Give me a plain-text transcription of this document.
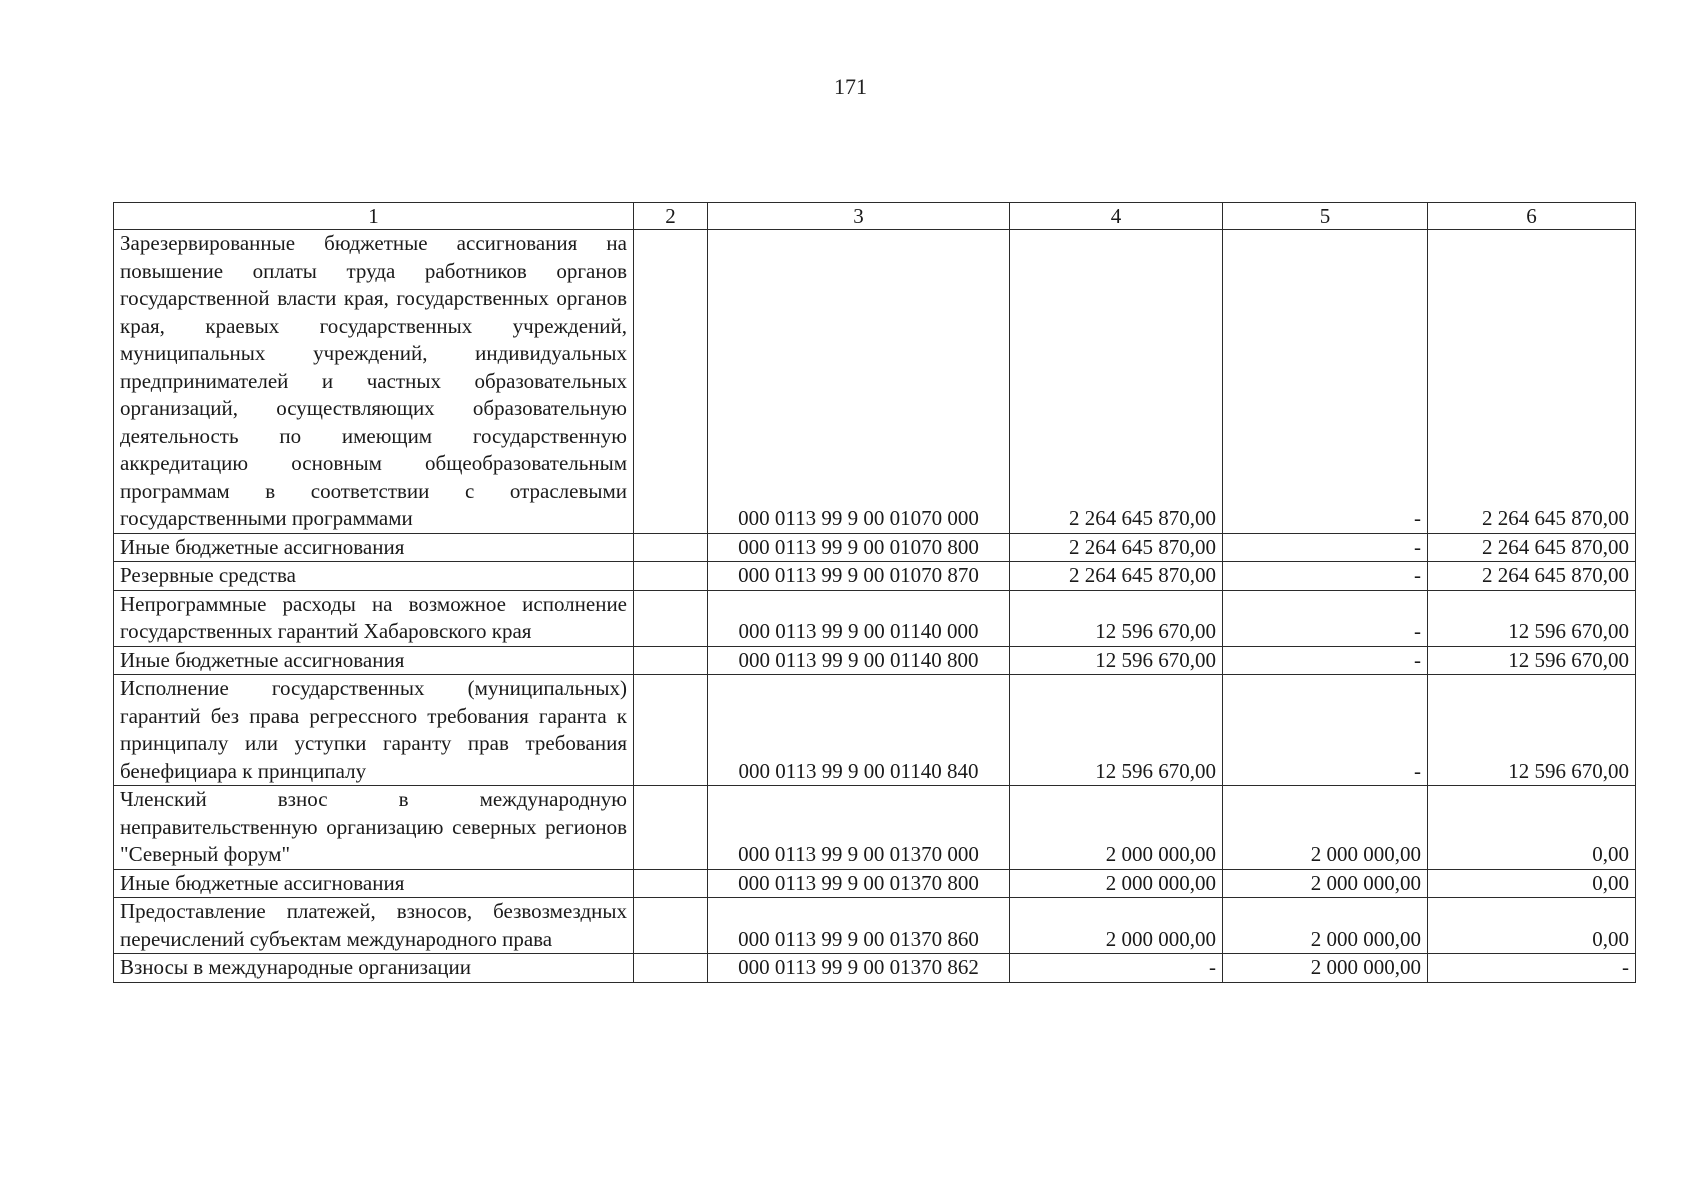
171
1	2	3	4	5	6
Зарезервированные бюджетные ассигнования на повышение оплаты труда работников органов государственной власти края, государственных органов края, краевых государственных учреждений, муниципальных учреждений, индивидуальных предпринимателей и частных образовательных организаций, осуществляющих образовательную деятельность по имеющим государственную аккредитацию основным общеобразовательным программам в соответствии с отраслевыми государственными программами		000 0113 99 9 00 01070 000	2 264 645 870,00	-	2 264 645 870,00
Иные бюджетные ассигнования		000 0113 99 9 00 01070 800	2 264 645 870,00	-	2 264 645 870,00
Резервные средства		000 0113 99 9 00 01070 870	2 264 645 870,00	-	2 264 645 870,00
Непрограммные расходы на возможное исполнение государственных гарантий Хабаровского края		000 0113 99 9 00 01140 000	12 596 670,00	-	12 596 670,00
Иные бюджетные ассигнования		000 0113 99 9 00 01140 800	12 596 670,00	-	12 596 670,00
Исполнение государственных (муниципальных) гарантий без права регрессного требования гаранта к принципалу или уступки гаранту прав требования бенефициара к принципалу		000 0113 99 9 00 01140 840	12 596 670,00	-	12 596 670,00
Членский взнос в международную неправительственную организацию северных регионов "Северный форум"		000 0113 99 9 00 01370 000	2 000 000,00	2 000 000,00	0,00
Иные бюджетные ассигнования		000 0113 99 9 00 01370 800	2 000 000,00	2 000 000,00	0,00
Предоставление платежей, взносов, безвозмездных перечислений субъектам международного права		000 0113 99 9 00 01370 860	2 000 000,00	2 000 000,00	0,00
Взносы в международные организации		000 0113 99 9 00 01370 862	-	2 000 000,00	-
